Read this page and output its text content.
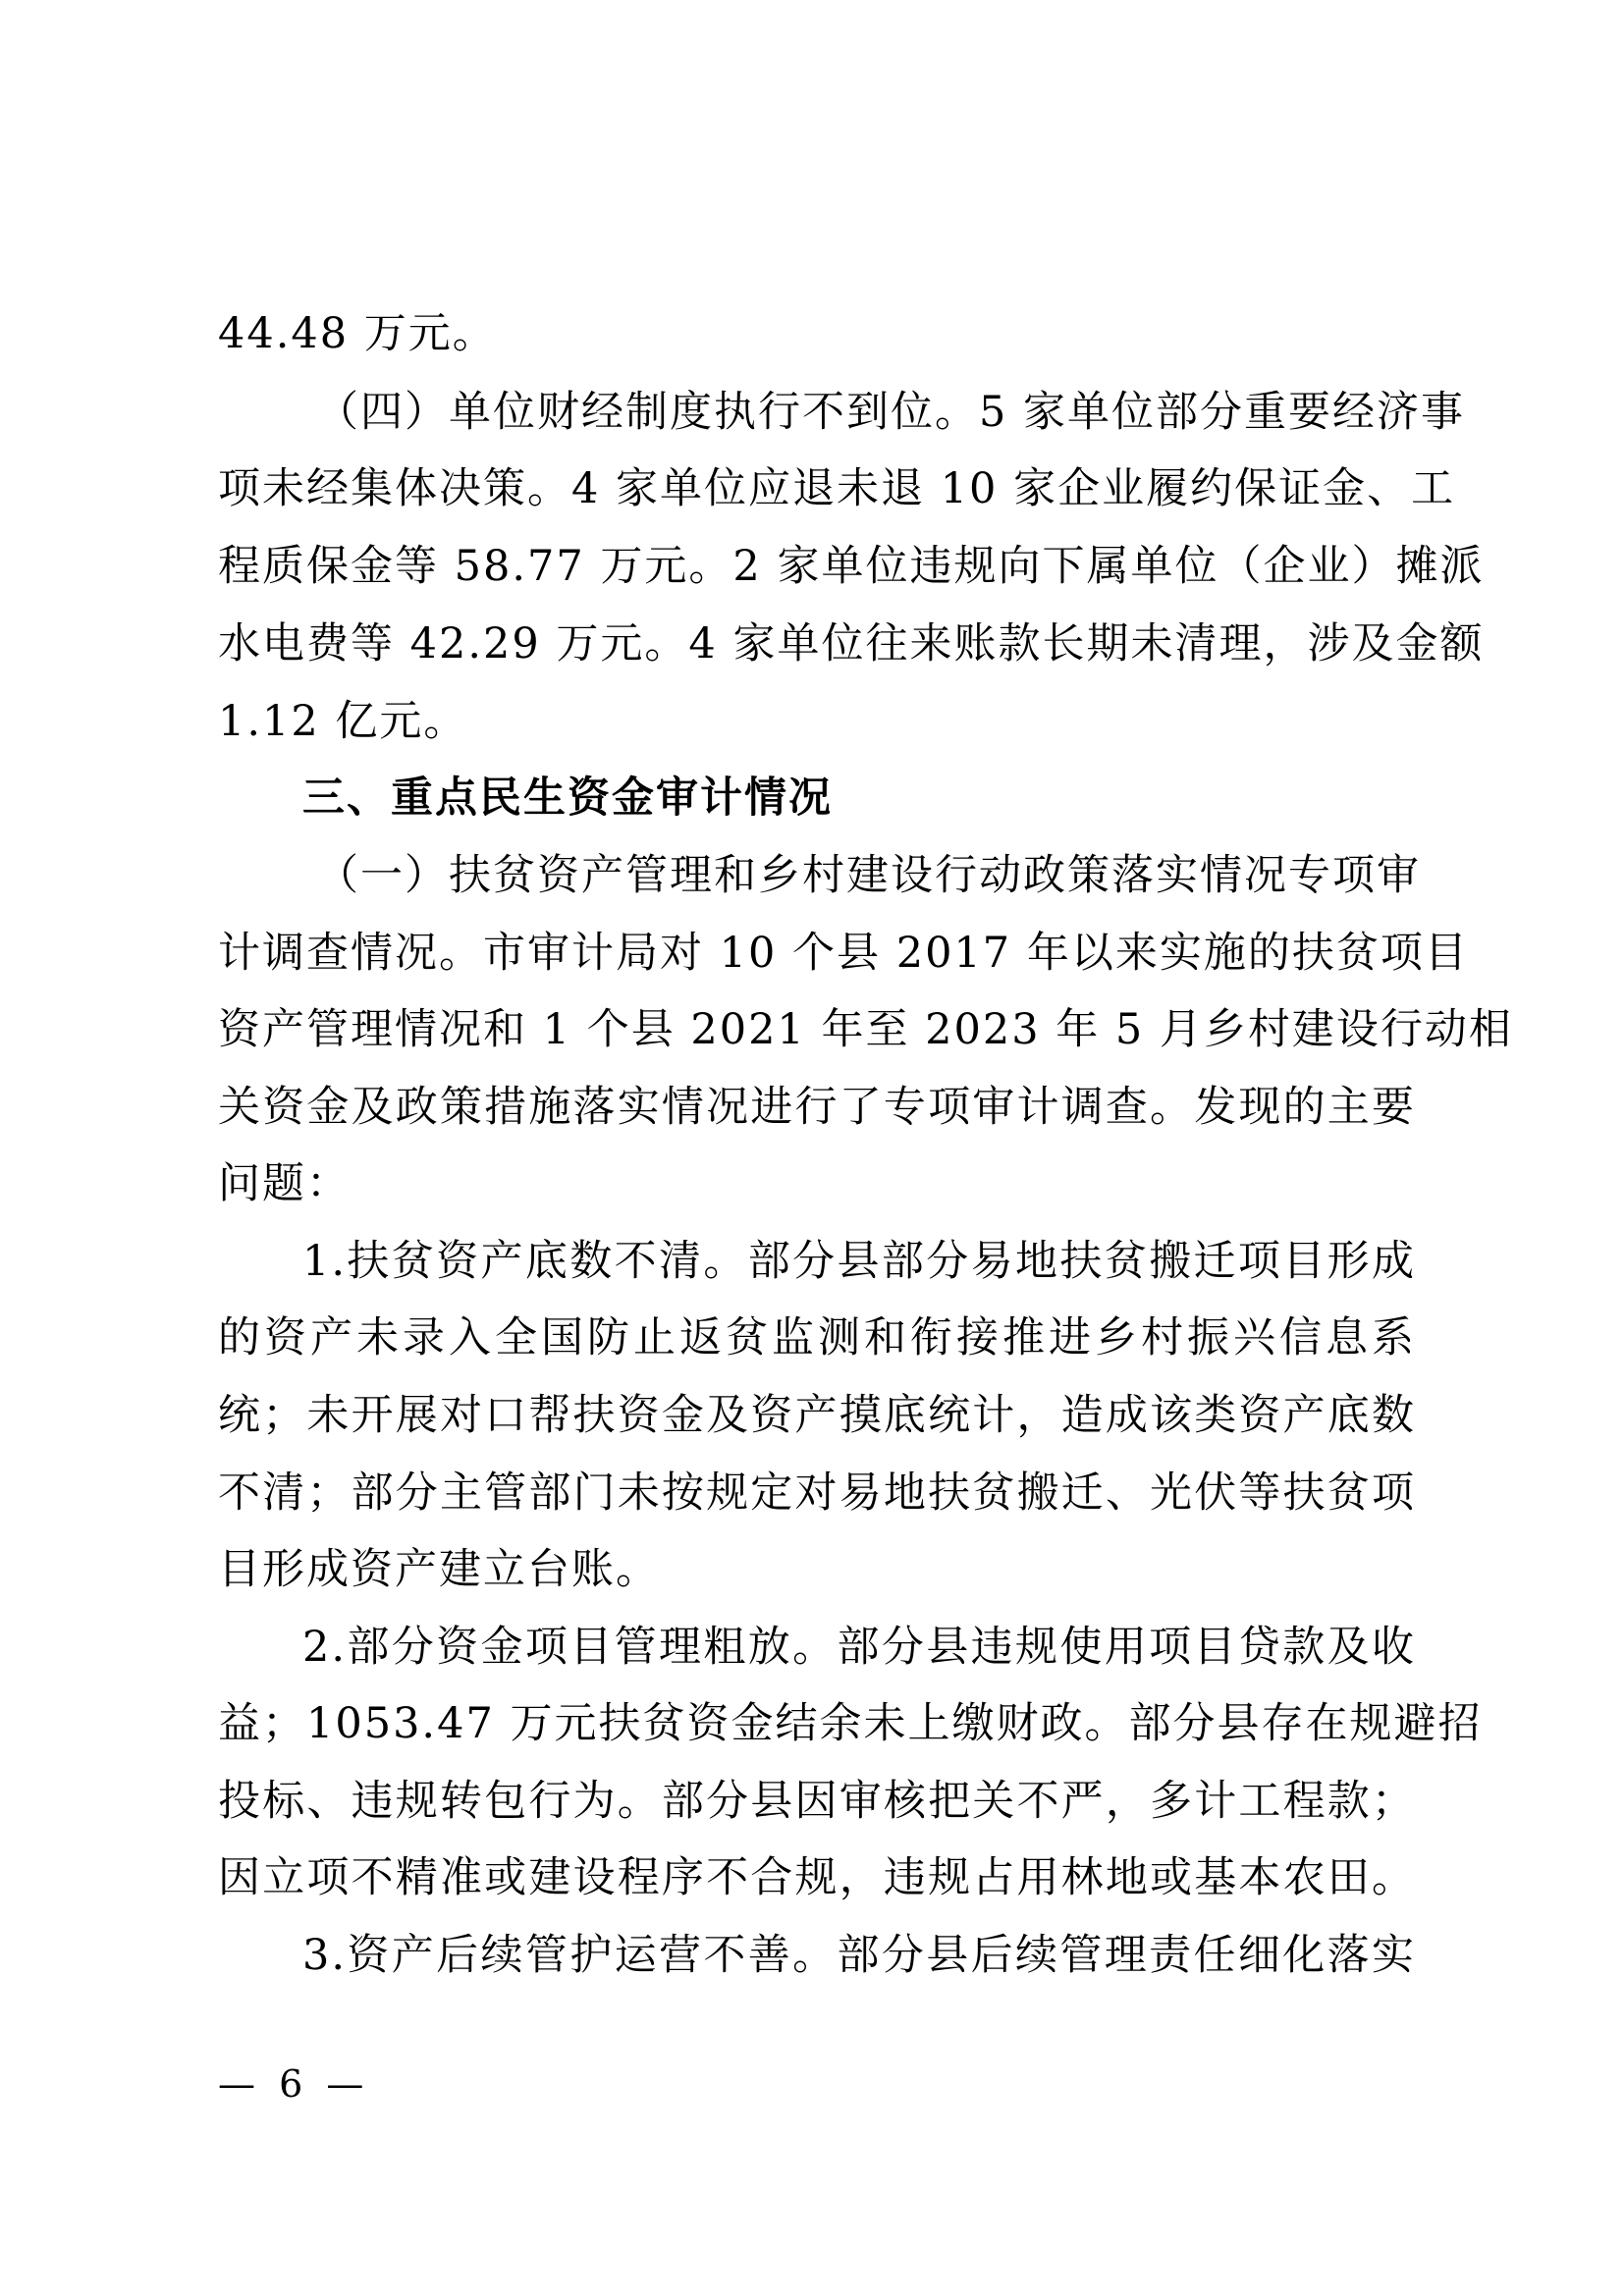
44.48 万元。
（四）单位财经制度执行不到位。5 家单位部分重要经济事
项未经集体决策。4 家单位应退未退 10 家企业履约保证金、工
程质保金等 58.77 万元。2 家单位违规向下属单位（企业）摊派
水电费等 42.29 万元。4 家单位往来账款长期未清理，涉及金额
1.12 亿元。
三、重点民生资金审计情况
（一）扶贫资产管理和乡村建设行动政策落实情况专项审
计调查情况。市审计局对 10 个县 2017 年以来实施的扶贫项目
资产管理情况和 1 个县 2021 年至 2023 年 5 月乡村建设行动相
关资金及政策措施落实情况进行了专项审计调查。发现的主要
问题：
1.扶贫资产底数不清。部分县部分易地扶贫搬迁项目形成
的资产未录入全国防止返贫监测和衔接推进乡村振兴信息系
统；未开展对口帮扶资金及资产摸底统计，造成该类资产底数
不清；部分主管部门未按规定对易地扶贫搬迁、光伏等扶贫项
目形成资产建立台账。
2.部分资金项目管理粗放。部分县违规使用项目贷款及收
益；1053.47 万元扶贫资金结余未上缴财政。部分县存在规避招
投标、违规转包行为。部分县因审核把关不严，多计工程款；
因立项不精准或建设程序不合规，违规占用林地或基本农田。
3.资产后续管护运营不善。部分县后续管理责任细化落实
— 6 —
